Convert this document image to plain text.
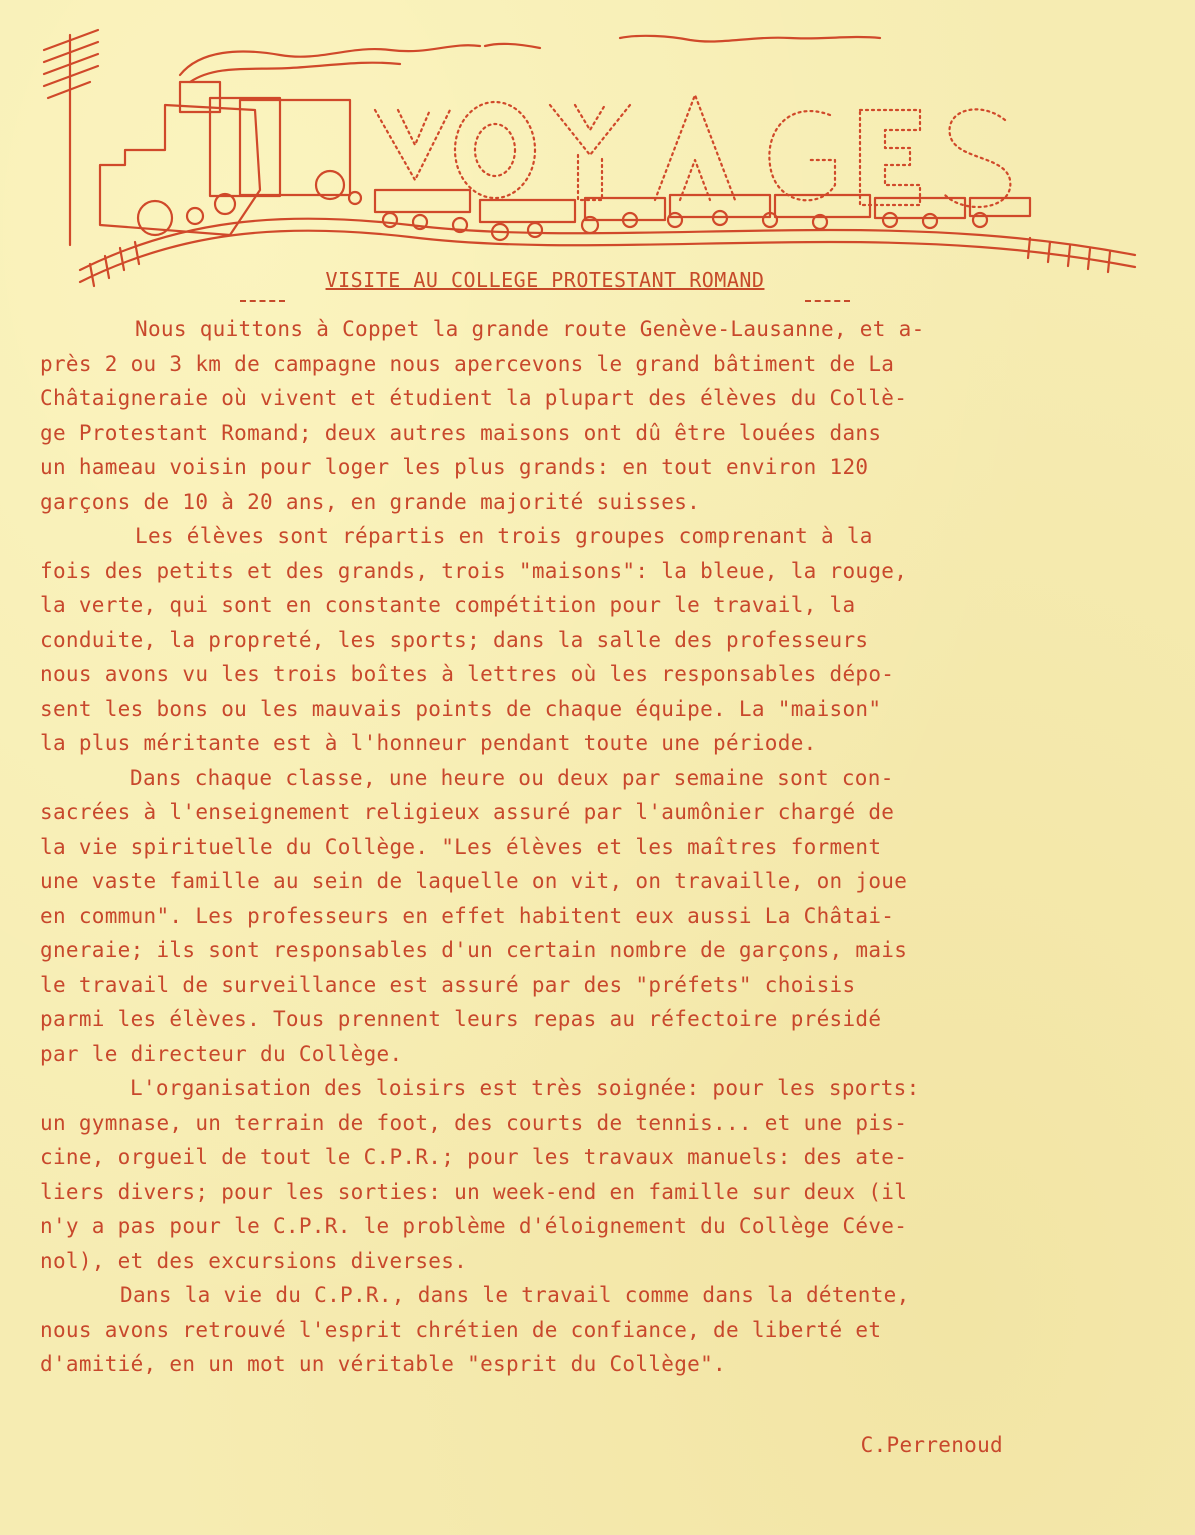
VOYAGES
VISITE AU COLLEGE PROTESTANT ROMAND

Nous quittons à Coppet la grande route Genève-Lausanne, et a-
près 2 ou 3 km de campagne nous apercevons le grand bâtiment de La
Châtaigneraie où vivent et étudient la plupart des élèves du Collè-
ge Protestant Romand; deux autres maisons ont dû être louées dans
un hameau voisin pour loger les plus grands: en tout environ 120
garçons de 10 à 20 ans, en grande majorité suisses.

Les élèves sont répartis en trois groupes comprenant à la
fois des petits et des grands, trois "maisons": la bleue, la rouge,
la verte, qui sont en constante compétition pour le travail, la
conduite, la propreté, les sports; dans la salle des professeurs
nous avons vu les trois boîtes à lettres où les responsables dépo-
sent les bons ou les mauvais points de chaque équipe. La "maison"
la plus méritante est à l'honneur pendant toute une période.

Dans chaque classe, une heure ou deux par semaine sont con-
sacrées à l'enseignement religieux assuré par l'aumônier chargé de
la vie spirituelle du Collège. "Les élèves et les maîtres forment
une vaste famille au sein de laquelle on vit, on travaille, on joue
en commun". Les professeurs en effet habitent eux aussi La Châtai-
gneraie; ils sont responsables d'un certain nombre de garçons, mais
le travail de surveillance est assuré par des "préfets" choisis
parmi les élèves. Tous prennent leurs repas au réfectoire présidé
par le directeur du Collège.

L'organisation des loisirs est très soignée: pour les sports:
un gymnase, un terrain de foot, des courts de tennis... et une pis-
cine, orgueil de tout le C.P.R.; pour les travaux manuels: des ate-
liers divers; pour les sorties: un week-end en famille sur deux (il
n'y a pas pour le C.P.R. le problème d'éloignement du Collège Céve-
nol), et des excursions diverses.

Dans la vie du C.P.R., dans le travail comme dans la détente,
nous avons retrouvé l'esprit chrétien de confiance, de liberté et
d'amitié, en un mot un véritable "esprit du Collège".

C.Perrenoud
